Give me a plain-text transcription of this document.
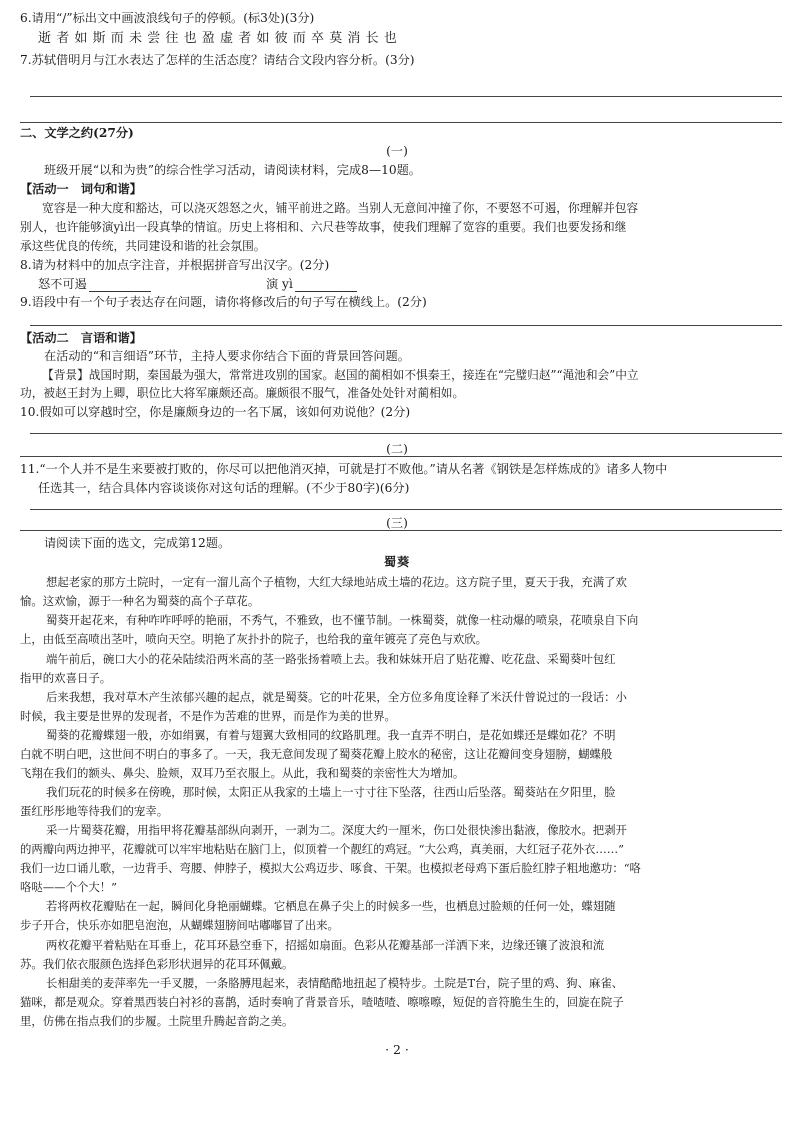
6.请用“/”标出文中画波浪线句子的停顿。(标3处)(3分)
逝者如斯而未尝往也盈虚者如彼而卒莫消长也
7.苏轼借明月与江水表达了怎样的生活态度？请结合文段内容分析。(3分)
二、文学之约(27分)
(一)
班级开展“以和为贵”的综合性学习活动，请阅读材料，完成8—10题。
【活动一　词句和谐】
宽容是一种大度和豁达，可以浇灭怨怒之火，铺平前进之路。当别人无意间冲撞了你，不要怒不可遏，你理解并包容
别人，也许能够演yì出一段真挚的情谊。历史上将相和、六尺巷等故事，使我们理解了宽容的重要。我们也要发扬和继
承这些优良的传统，共同建设和谐的社会氛围。
8.请为材料中的加点字注音，并根据拼音写出汉字。(2分)
怒不可遏	演 yì
9.语段中有一个句子表达存在问题，请你将修改后的句子写在横线上。(2分)
【活动二　言语和谐】
在活动的“和言细语”环节，主持人要求你结合下面的背景回答问题。
【背景】战国时期，秦国最为强大，常常进攻别的国家。赵国的蔺相如不惧秦王，接连在“完璧归赵”“渑池和会”中立
功，被赵王封为上卿，职位比大将军廉颇还高。廉颇很不服气，准备处处针对蔺相如。
10.假如可以穿越时空，你是廉颇身边的一名下属，该如何劝说他？(2分)
(二)
11.“一个人并不是生来要被打败的，你尽可以把他消灭掉，可就是打不败他。”请从名著《钢铁是怎样炼成的》诸多人物中
任选其一，结合具体内容谈谈你对这句话的理解。(不少于80字)(6分)
(三)
请阅读下面的选文，完成第12题。
蜀葵
想起老家的那方土院时，一定有一溜儿高个子植物，大红大绿地站成土墙的花边。这方院子里，夏天于我，充满了欢
愉。这欢愉，源于一种名为蜀葵的高个子草花。
蜀葵开起花来，有种咋咋呼呼的艳丽，不秀气，不雅致，也不懂节制。一株蜀葵，就像一柱动爆的喷泉，花喷泉自下向
上，由低至高喷出茎叶，喷向天空。明艳了灰扑扑的院子，也给我的童年镀亮了亮色与欢欣。
端午前后，碗口大小的花朵陆续沿两米高的茎一路张扬着喷上去。我和妹妹开启了贴花瓣、吃花盘、采蜀葵叶包红
指甲的欢喜日子。
后来我想，我对草木产生浓郁兴趣的起点，就是蜀葵。它的叶花果，全方位多角度诠释了米沃什曾说过的一段话：小
时候，我主要是世界的发现者，不是作为苦难的世界，而是作为美的世界。
蜀葵的花瓣蝶翅一般，亦如绢翼，有着与翅翼大致相同的纹路肌理。我一直弄不明白，是花如蝶还是蝶如花？不明
白就不明白吧，这世间不明白的事多了。一天，我无意间发现了蜀葵花瓣上胶水的秘密，这让花瓣间变身翅膀，蝴蝶般
飞翔在我们的额头、鼻尖、脸颊，双耳乃至衣服上。从此，我和蜀葵的亲密性大为增加。
我们玩花的时候多在傍晚，那时候，太阳正从我家的土墙上一寸寸往下坠落，往西山后坠落。蜀葵站在夕阳里，脸
蛋红彤彤地等待我们的宠幸。
采一片蜀葵花瓣，用指甲将花瓣基部纵向剥开，一剥为二。深度大约一厘米，伤口处很快渗出黏液，像胶水。把剥开
的两瓣向两边抻平，花瓣就可以牢牢地粘贴在脑门上，似顶着一个靓红的鸡冠。“大公鸡，真美丽，大红冠子花外衣……”
我们一边口诵儿歌，一边背手、弯腰、伸脖子，模拟大公鸡迈步、啄食、干架。也模拟老母鸡下蛋后脸红脖子粗地邀功：“咯
咯哒——个个大！”
若将两枚花瓣贴在一起，瞬间化身艳丽蝴蝶。它栖息在鼻子尖上的时候多一些，也栖息过脸颊的任何一处，蝶翅随
步子开合，快乐亦如肥皂泡泡，从蝴蝶翅膀间咕嘟嘟冒了出来。
两枚花瓣平着粘贴在耳垂上，花耳环悬空垂下，招摇如扇面。色彩从花瓣基部一洋洒下来，边缘还镶了波浪和流
苏。我们依衣服颜色选择色彩形状迥异的花耳环佩戴。
长相甜美的麦萍率先一手叉腰，一条胳膊甩起来，表情酷酷地扭起了模特步。土院是T台，院子里的鸡、狗、麻雀、
猫咪，都是观众。穿着黑西装白衬衫的喜鹊，适时奏响了背景音乐，喳喳喳、嚓嚓嚓，短促的音符脆生生的，回旋在院子
里，仿佛在指点我们的步履。土院里升腾起音韵之美。
· 2 ·
